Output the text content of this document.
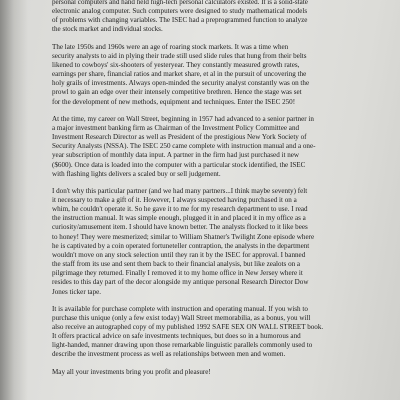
personal computers and hand held high-tech personal calculators existed. It is a solid-state
electronic analog computer. Such computers were designed to study mathematical models
of problems with changing variables. The ISEC had a preprogrammed function to analyze
the stock market and individual stocks.

The late 1950s and 1960s were an age of roaring stock markets. It was a time when
security analysts to aid in plying their trade still used slide rules that hung from their belts
likened to cowboys' six-shooters of yesteryear. They constantly measured growth rates,
earnings per share, financial ratios and market share, et al in the pursuit of uncovering the
holy grails of investments. Always open-minded the security analyst constantly was on the
prowl to gain an edge over their intensely competitive brethren. Hence the stage was set
for the development of new methods, equipment and techniques. Enter the ISEC 250!

At the time, my career on Wall Street, beginning in 1957 had advanced to a senior partner in
a major investment banking firm as Chairman of the Investment Policy Committee and
Investment Research Director as well as President of the prestigious New York Society of
Security Analysts (NSSA). The ISEC 250 came complete with instruction manual and a one-
year subscription of monthly data input. A partner in the firm had just purchased it new
($600). Once data is loaded into the computer with a particular stock identified, the ISEC
with flashing lights delivers a scaled buy or sell judgement.

I don't why this particular partner (and we had many partners...I think maybe seventy) felt
it necessary to make a gift of it. However, I always suspected having purchased it on a
whim, he couldn't operate it. So he gave it to me for my research department to use. I read
the instruction manual. It was simple enough, plugged it in and placed it in my office as a
curiosity/amusement item. I should have known better. The analysts flocked to it like bees
to honey! They were mesmerized; similar to William Shatner's Twilight Zone episode where
he is captivated by a coin operated fortuneteller contraption, the analysts in the department
wouldn't move on any stock selection until they ran it by the ISEC for approval. I banned
the staff from its use and sent them back to their financial analysis, but like zealots on a
pilgrimage they returned. Finally I removed it to my home office in New Jersey where it
resides to this day part of the decor alongside my antique personal Research Director Dow
Jones ticker tape.

It is available for purchase complete with instruction and operating manual. If you wish to
purchase this unique (only a few exist today) Wall Street memorabilia, as a bonus, you will
also receive an autographed copy of my published 1992 SAFE SEX ON WALL STREET book.
It offers practical advice on safe investments techniques, but does so in a humorous and
light-handed, manner drawing upon those remarkable linguistic parallels commonly used to
describe the investment process as well as relationships between men and women.

May all your investments bring you profit and pleasure!
